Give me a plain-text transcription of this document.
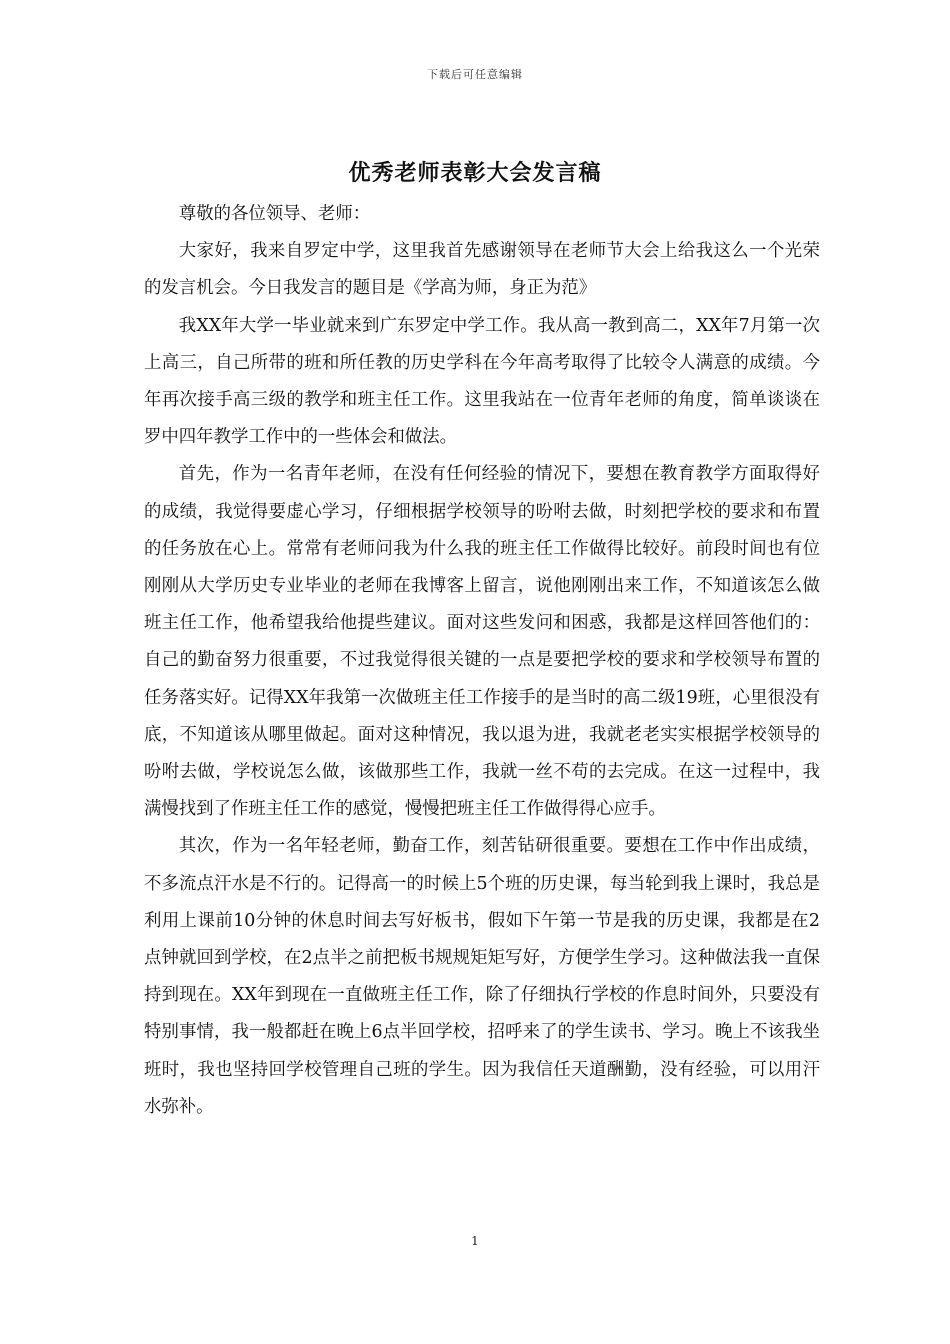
下载后可任意编辑
优秀老师表彰大会发言稿

尊敬的各位领导、老师：

大家好，我来自罗定中学，这里我首先感谢领导在老师节大会上给我这么一个光荣的发言机会。今日我发言的题目是《学高为师，身正为范》

我XX年大学一毕业就来到广东罗定中学工作。我从高一教到高二，XX年7月第一次上高三，自己所带的班和所任教的历史学科在今年高考取得了比较令人满意的成绩。今年再次接手高三级的教学和班主任工作。这里我站在一位青年老师的角度，简单谈谈在罗中四年教学工作中的一些体会和做法。

首先，作为一名青年老师，在没有任何经验的情况下，要想在教育教学方面取得好的成绩，我觉得要虚心学习，仔细根据学校领导的吩咐去做，时刻把学校的要求和布置的任务放在心上。常常有老师问我为什么我的班主任工作做得比较好。前段时间也有位刚刚从大学历史专业毕业的老师在我博客上留言，说他刚刚出来工作，不知道该怎么做班主任工作，他希望我给他提些建议。面对这些发问和困惑，我都是这样回答他们的：自己的勤奋努力很重要，不过我觉得很关键的一点是要把学校的要求和学校领导布置的任务落实好。记得XX年我第一次做班主任工作接手的是当时的高二级19班，心里很没有底，不知道该从哪里做起。面对这种情况，我以退为进，我就老老实实根据学校领导的吩咐去做，学校说怎么做，该做那些工作，我就一丝不苟的去完成。在这一过程中，我满慢找到了作班主任工作的感觉，慢慢把班主任工作做得得心应手。

其次，作为一名年轻老师，勤奋工作，刻苦钻研很重要。要想在工作中作出成绩，不多流点汗水是不行的。记得高一的时候上5个班的历史课，每当轮到我上课时，我总是利用上课前10分钟的休息时间去写好板书，假如下午第一节是我的历史课，我都是在2点钟就回到学校，在2点半之前把板书规规矩矩写好，方便学生学习。这种做法我一直保持到现在。XX年到现在一直做班主任工作，除了仔细执行学校的作息时间外，只要没有特别事情，我一般都赶在晚上6点半回学校，招呼来了的学生读书、学习。晚上不该我坐班时，我也坚持回学校管理自己班的学生。因为我信任天道酬勤，没有经验，可以用汗水弥补。

1
